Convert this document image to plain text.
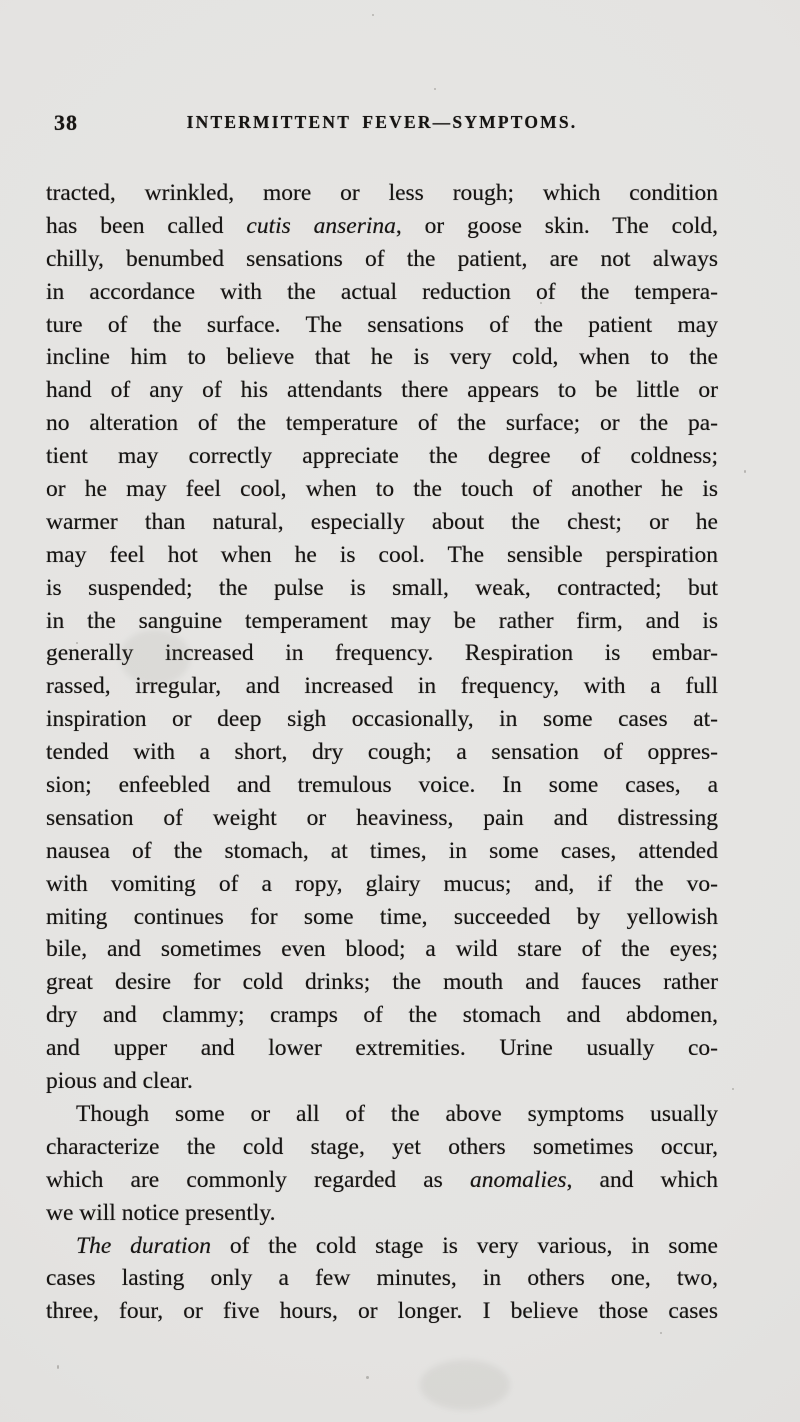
38	INTERMITTENT FEVER—SYMPTOMS.
tracted, wrinkled, more or less rough; which condition
has been called cutis anserina, or goose skin. The cold,
chilly, benumbed sensations of the patient, are not always
in accordance with the actual reduction of the tempera-
ture of the surface. The sensations of the patient may
incline him to believe that he is very cold, when to the
hand of any of his attendants there appears to be little or
no alteration of the temperature of the surface; or the pa-
tient may correctly appreciate the degree of coldness;
or he may feel cool, when to the touch of another he is
warmer than natural, especially about the chest; or he
may feel hot when he is cool. The sensible perspiration
is suspended; the pulse is small, weak, contracted; but
in the sanguine temperament may be rather firm, and is
generally increased in frequency. Respiration is embar-
rassed, irregular, and increased in frequency, with a full
inspiration or deep sigh occasionally, in some cases at-
tended with a short, dry cough; a sensation of oppres-
sion; enfeebled and tremulous voice. In some cases, a
sensation of weight or heaviness, pain and distressing
nausea of the stomach, at times, in some cases, attended
with vomiting of a ropy, glairy mucus; and, if the vo-
miting continues for some time, succeeded by yellowish
bile, and sometimes even blood; a wild stare of the eyes;
great desire for cold drinks; the mouth and fauces rather
dry and clammy; cramps of the stomach and abdomen,
and upper and lower extremities. Urine usually co-
pious and clear.
Though some or all of the above symptoms usually
characterize the cold stage, yet others sometimes occur,
which are commonly regarded as anomalies, and which
we will notice presently.
The duration of the cold stage is very various, in some
cases lasting only a few minutes, in others one, two,
three, four, or five hours, or longer. I believe those cases
